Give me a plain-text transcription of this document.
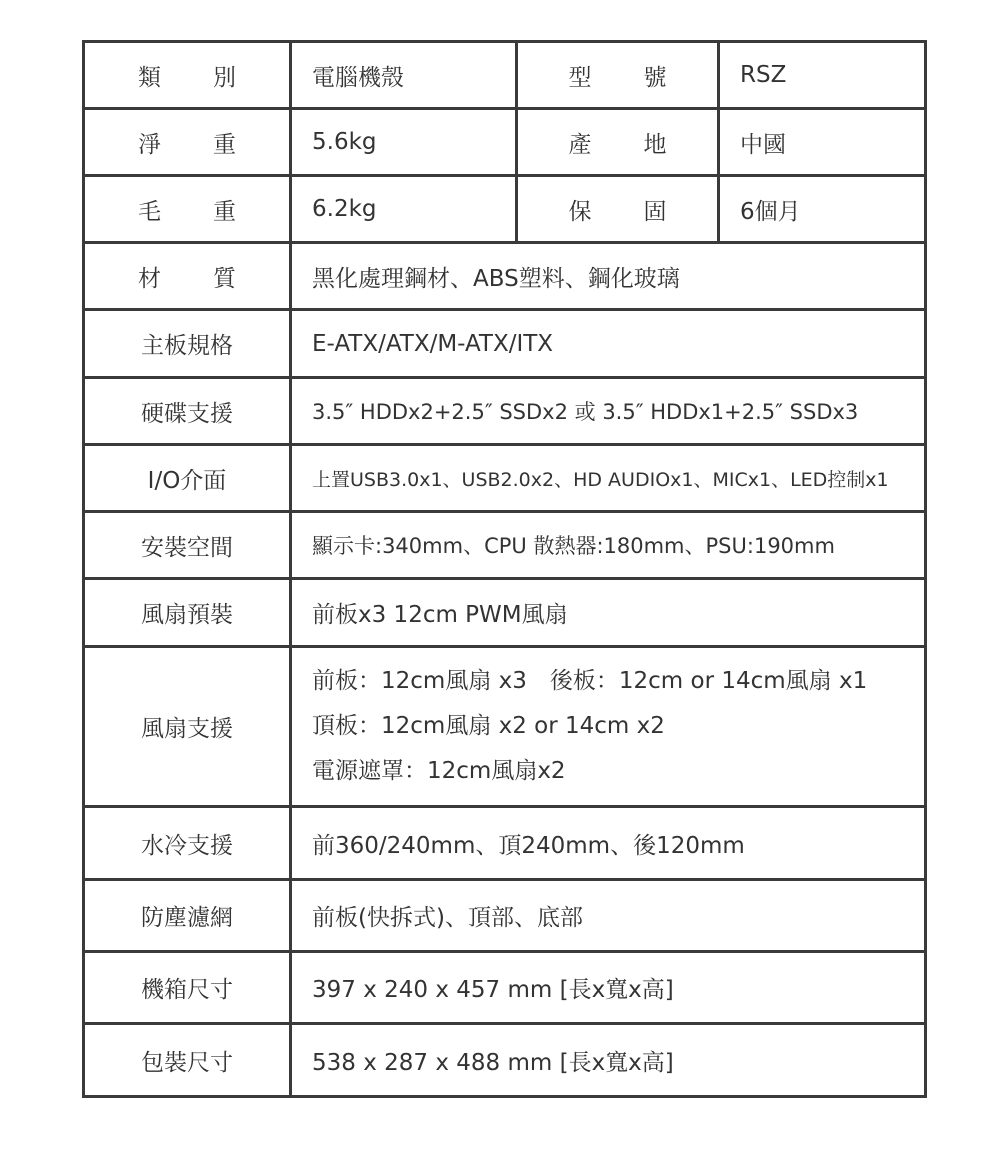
類 別	電腦機殼	型 號	RSZ
淨 重	5.6kg	產 地	中國
毛 重	6.2kg	保 固	6個月
材 質	黑化處理鋼材、ABS塑料、鋼化玻璃		
主板規格	E-ATX/ATX/M-ATX/ITX		
硬碟支援	3.5″ HDDx2+2.5″ SSDx2 或 3.5″ HDDx1+2.5″ SSDx3		
I/O介面	上置USB3.0x1、USB2.0x2、HD AUDIOx1、MICx1、LED控制x1		
安裝空間	顯示卡:340mm、CPU 散熱器:180mm、PSU:190mm		
風扇預裝	前板x3 12cm PWM風扇		
風扇支援	前板：12cm風扇 x3　後板：12cm or 14cm風扇 x1
頂板：12cm風扇 x2 or 14cm x2
電源遮罩：12cm風扇x2		

水冷支援	前360/240mm、頂240mm、後120mm		
防塵濾網	前板(快拆式)、頂部、底部		
機箱尺寸	397 x 240 x 457 mm [長x寬x高]		
包裝尺寸	538 x 287 x 488 mm [長x寬x高]		
